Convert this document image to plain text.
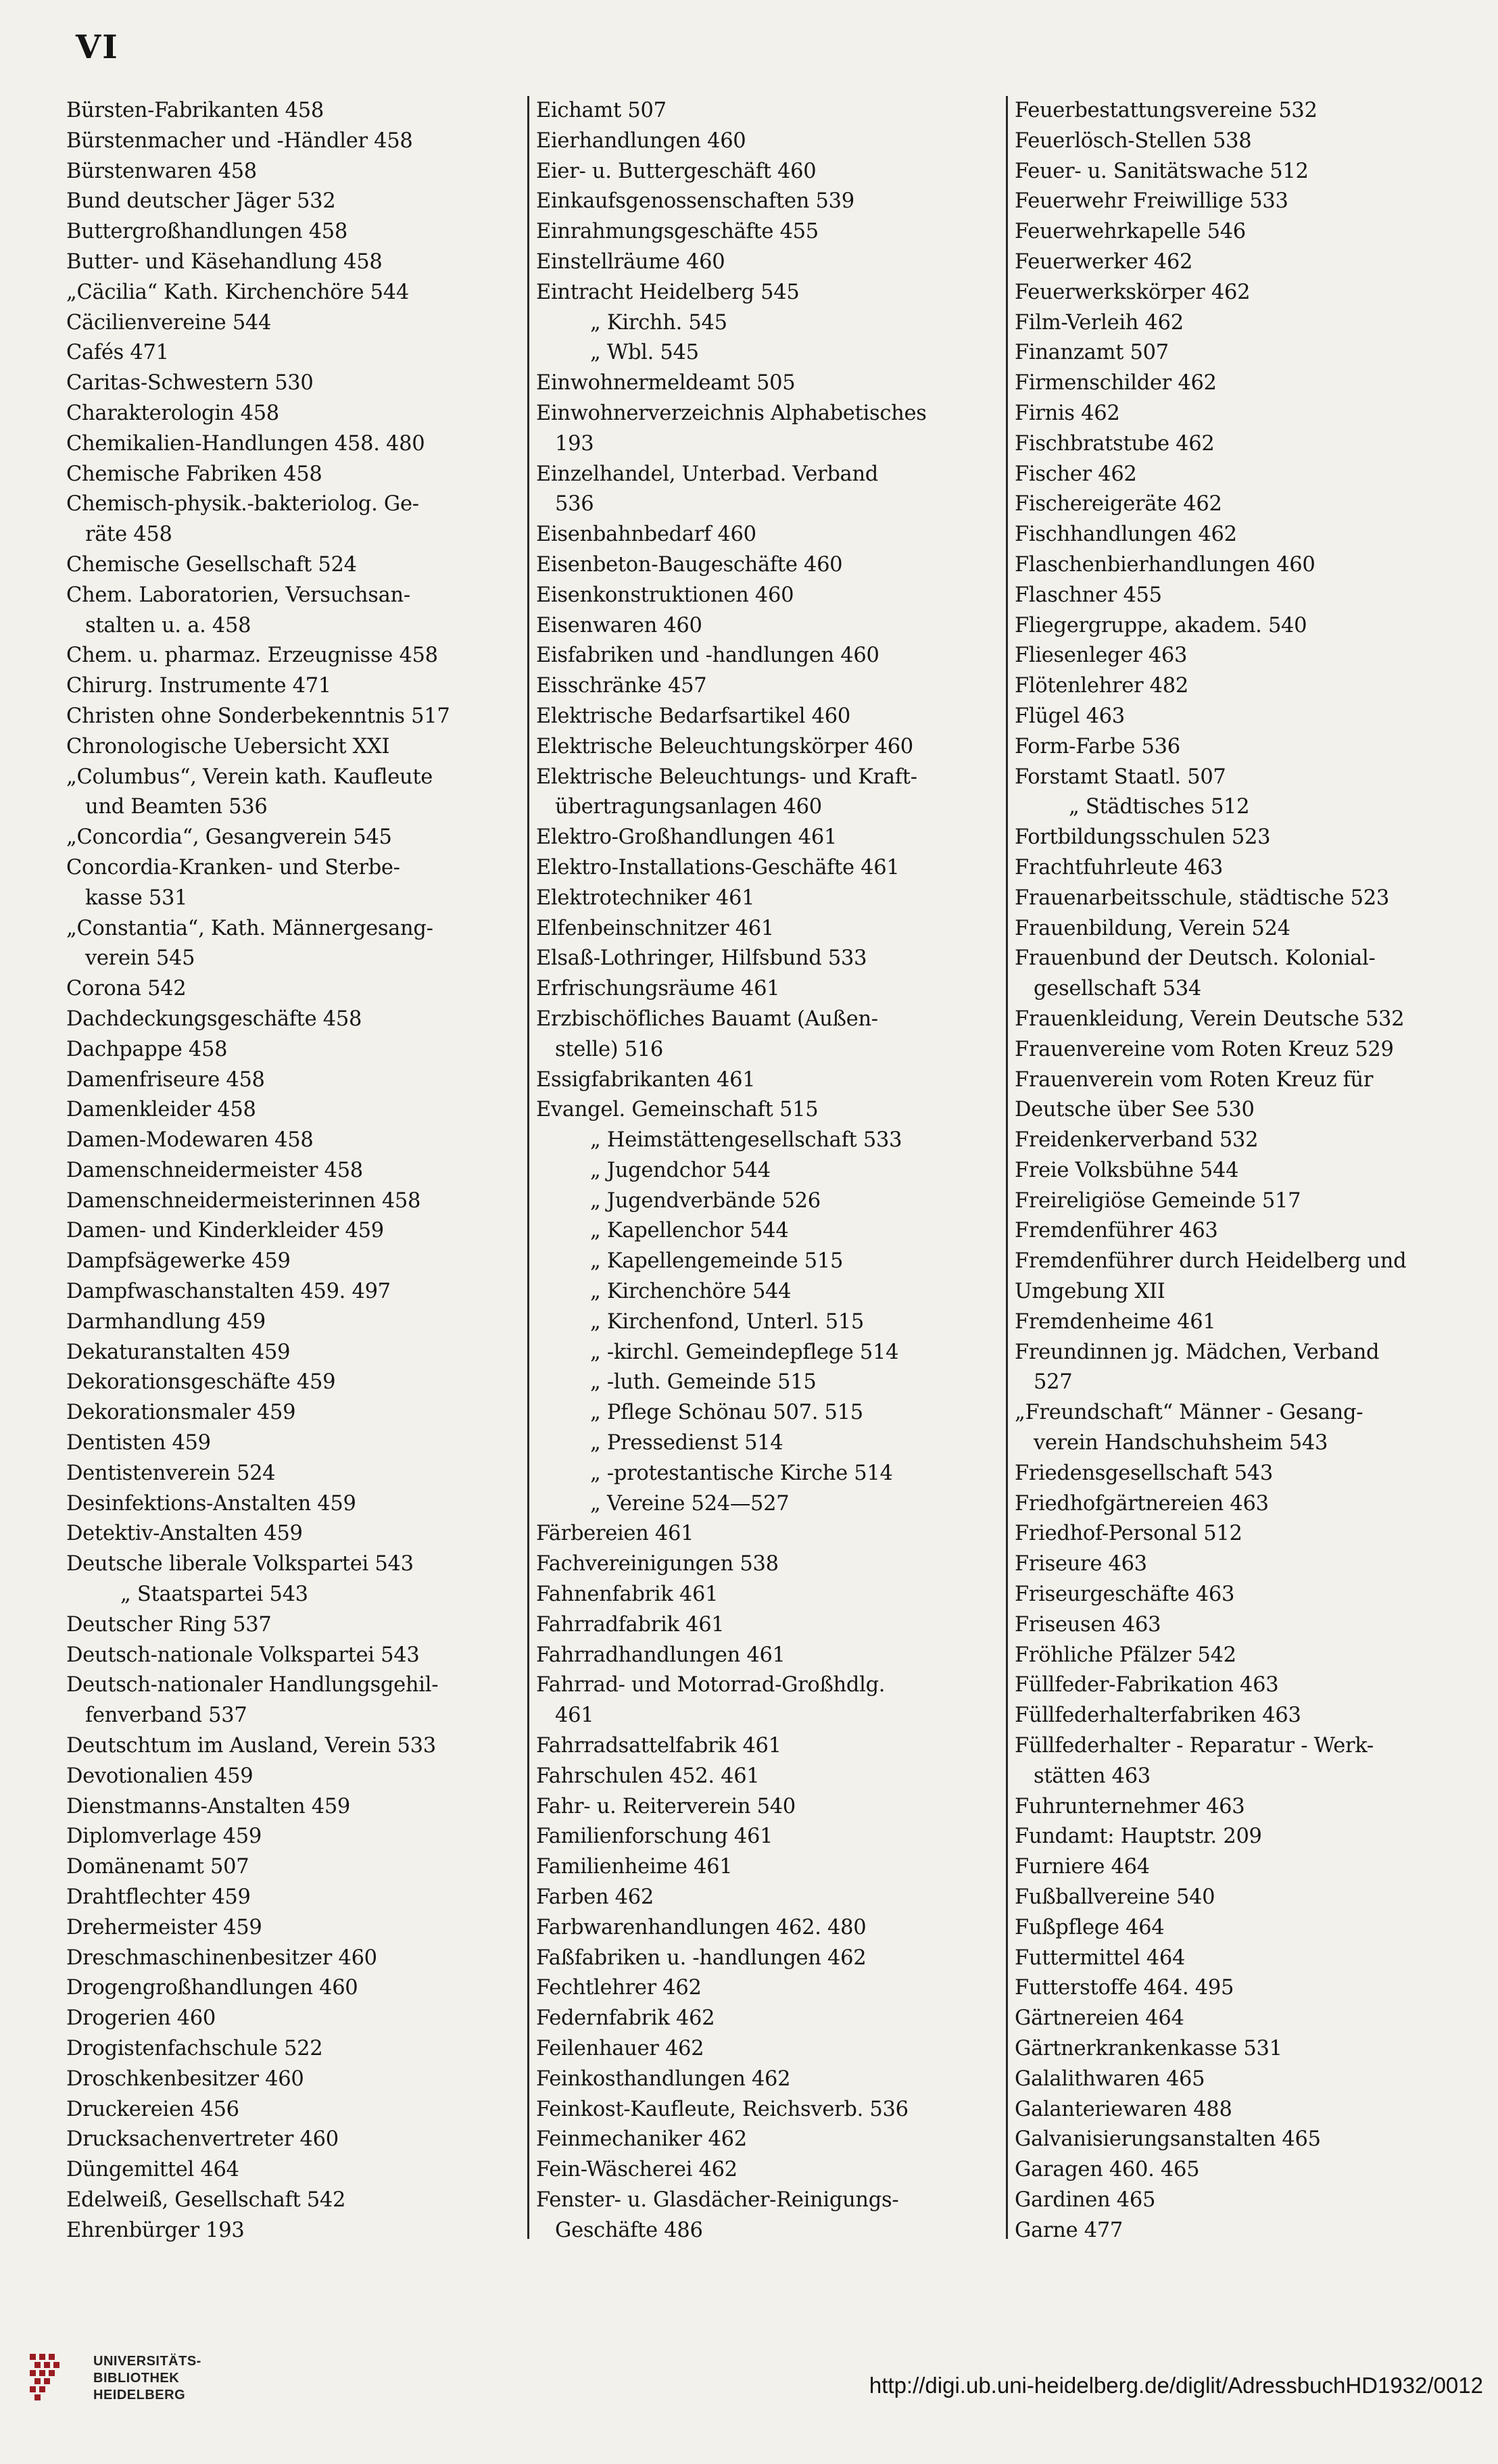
VI
Bürsten-Fabrikanten 458
Bürstenmacher und -Händler 458
Bürstenwaren 458
Bund deutscher Jäger 532
Buttergroßhandlungen 458
Butter- und Käsehandlung 458
„Cäcilia“ Kath. Kirchenchöre 544
Cäcilienvereine 544
Cafés 471
Caritas-Schwestern 530
Charakterologin 458
Chemikalien-Handlungen 458. 480
Chemische Fabriken 458
Chemisch-physik.-bakteriolog. Ge-
räte 458
Chemische Gesellschaft 524
Chem. Laboratorien, Versuchsan-
stalten u. a. 458
Chem. u. pharmaz. Erzeugnisse 458
Chirurg. Instrumente 471
Christen ohne Sonderbekenntnis 517
Chronologische Uebersicht XXI
„Columbus“, Verein kath. Kaufleute
und Beamten 536
„Concordia“, Gesangverein 545
Concordia-Kranken- und Sterbe-
kasse 531
„Constantia“, Kath. Männergesang-
verein 545
Corona 542
Dachdeckungsgeschäfte 458
Dachpappe 458
Damenfriseure 458
Damenkleider 458
Damen-Modewaren 458
Damenschneidermeister 458
Damenschneidermeisterinnen 458
Damen- und Kinderkleider 459
Dampfsägewerke 459
Dampfwaschanstalten 459. 497
Darmhandlung 459
Dekaturanstalten 459
Dekorationsgeschäfte 459
Dekorationsmaler 459
Dentisten 459
Dentistenverein 524
Desinfektions-Anstalten 459
Detektiv-Anstalten 459
Deutsche liberale Volkspartei 543
„ Staatspartei 543
Deutscher Ring 537
Deutsch-nationale Volkspartei 543
Deutsch-nationaler Handlungsgehil-
fenverband 537
Deutschtum im Ausland, Verein 533
Devotionalien 459
Dienstmanns-Anstalten 459
Diplomverlage 459
Domänenamt 507
Drahtflechter 459
Drehermeister 459
Dreschmaschinenbesitzer 460
Drogengroßhandlungen 460
Drogerien 460
Drogistenfachschule 522
Droschkenbesitzer 460
Druckereien 456
Drucksachenvertreter 460
Düngemittel 464
Edelweiß, Gesellschaft 542
Ehrenbürger 193
Eichamt 507
Eierhandlungen 460
Eier- u. Buttergeschäft 460
Einkaufsgenossenschaften 539
Einrahmungsgeschäfte 455
Einstellräume 460
Eintracht Heidelberg 545
„ Kirchh. 545
„ Wbl. 545
Einwohnermeldeamt 505
Einwohnerverzeichnis Alphabetisches
193
Einzelhandel, Unterbad. Verband
536
Eisenbahnbedarf 460
Eisenbeton-Baugeschäfte 460
Eisenkonstruktionen 460
Eisenwaren 460
Eisfabriken und -handlungen 460
Eisschränke 457
Elektrische Bedarfsartikel 460
Elektrische Beleuchtungskörper 460
Elektrische Beleuchtungs- und Kraft-
übertragungsanlagen 460
Elektro-Großhandlungen 461
Elektro-Installations-Geschäfte 461
Elektrotechniker 461
Elfenbeinschnitzer 461
Elsaß-Lothringer, Hilfsbund 533
Erfrischungsräume 461
Erzbischöfliches Bauamt (Außen-
stelle) 516
Essigfabrikanten 461
Evangel. Gemeinschaft 515
„ Heimstättengesellschaft 533
„ Jugendchor 544
„ Jugendverbände 526
„ Kapellenchor 544
„ Kapellengemeinde 515
„ Kirchenchöre 544
„ Kirchenfond, Unterl. 515
„ -kirchl. Gemeindepflege 514
„ -luth. Gemeinde 515
„ Pflege Schönau 507. 515
„ Pressedienst 514
„ -protestantische Kirche 514
„ Vereine 524—527
Färbereien 461
Fachvereinigungen 538
Fahnenfabrik 461
Fahrradfabrik 461
Fahrradhandlungen 461
Fahrrad- und Motorrad-Großhdlg.
461
Fahrradsattelfabrik 461
Fahrschulen 452. 461
Fahr- u. Reiterverein 540
Familienforschung 461
Familienheime 461
Farben 462
Farbwarenhandlungen 462. 480
Faßfabriken u. -handlungen 462
Fechtlehrer 462
Federnfabrik 462
Feilenhauer 462
Feinkosthandlungen 462
Feinkost-Kaufleute, Reichsverb. 536
Feinmechaniker 462
Fein-Wäscherei 462
Fenster- u. Glasdächer-Reinigungs-
Geschäfte 486
Feuerbestattungsvereine 532
Feuerlösch-Stellen 538
Feuer- u. Sanitätswache 512
Feuerwehr Freiwillige 533
Feuerwehrkapelle 546
Feuerwerker 462
Feuerwerkskörper 462
Film-Verleih 462
Finanzamt 507
Firmenschilder 462
Firnis 462
Fischbratstube 462
Fischer 462
Fischereigeräte 462
Fischhandlungen 462
Flaschenbierhandlungen 460
Flaschner 455
Fliegergruppe, akadem. 540
Fliesenleger 463
Flötenlehrer 482
Flügel 463
Form-Farbe 536
Forstamt Staatl. 507
„ Städtisches 512
Fortbildungsschulen 523
Frachtfuhrleute 463
Frauenarbeitsschule, städtische 523
Frauenbildung, Verein 524
Frauenbund der Deutsch. Kolonial-
gesellschaft 534
Frauenkleidung, Verein Deutsche 532
Frauenvereine vom Roten Kreuz 529
Frauenverein vom Roten Kreuz für
Deutsche über See 530
Freidenkerverband 532
Freie Volksbühne 544
Freireligiöse Gemeinde 517
Fremdenführer 463
Fremdenführer durch Heidelberg und
Umgebung XII
Fremdenheime 461
Freundinnen jg. Mädchen, Verband
527
„Freundschaft“ Männer - Gesang-
verein Handschuhsheim 543
Friedensgesellschaft 543
Friedhofgärtnereien 463
Friedhof-Personal 512
Friseure 463
Friseurgeschäfte 463
Friseusen 463
Fröhliche Pfälzer 542
Füllfeder-Fabrikation 463
Füllfederhalterfabriken 463
Füllfederhalter - Reparatur - Werk-
stätten 463
Fuhrunternehmer 463
Fundamt: Hauptstr. 209
Furniere 464
Fußballvereine 540
Fußpflege 464
Futtermittel 464
Futterstoffe 464. 495
Gärtnereien 464
Gärtnerkrankenkasse 531
Galalithwaren 465
Galanteriewaren 488
Galvanisierungsanstalten 465
Garagen 460. 465
Gardinen 465
Garne 477
UNIVERSITÄTS-
BIBLIOTHEK
HEIDELBERG	http://digi.ub.uni-heidelberg.de/diglit/AdressbuchHD1932/0012
